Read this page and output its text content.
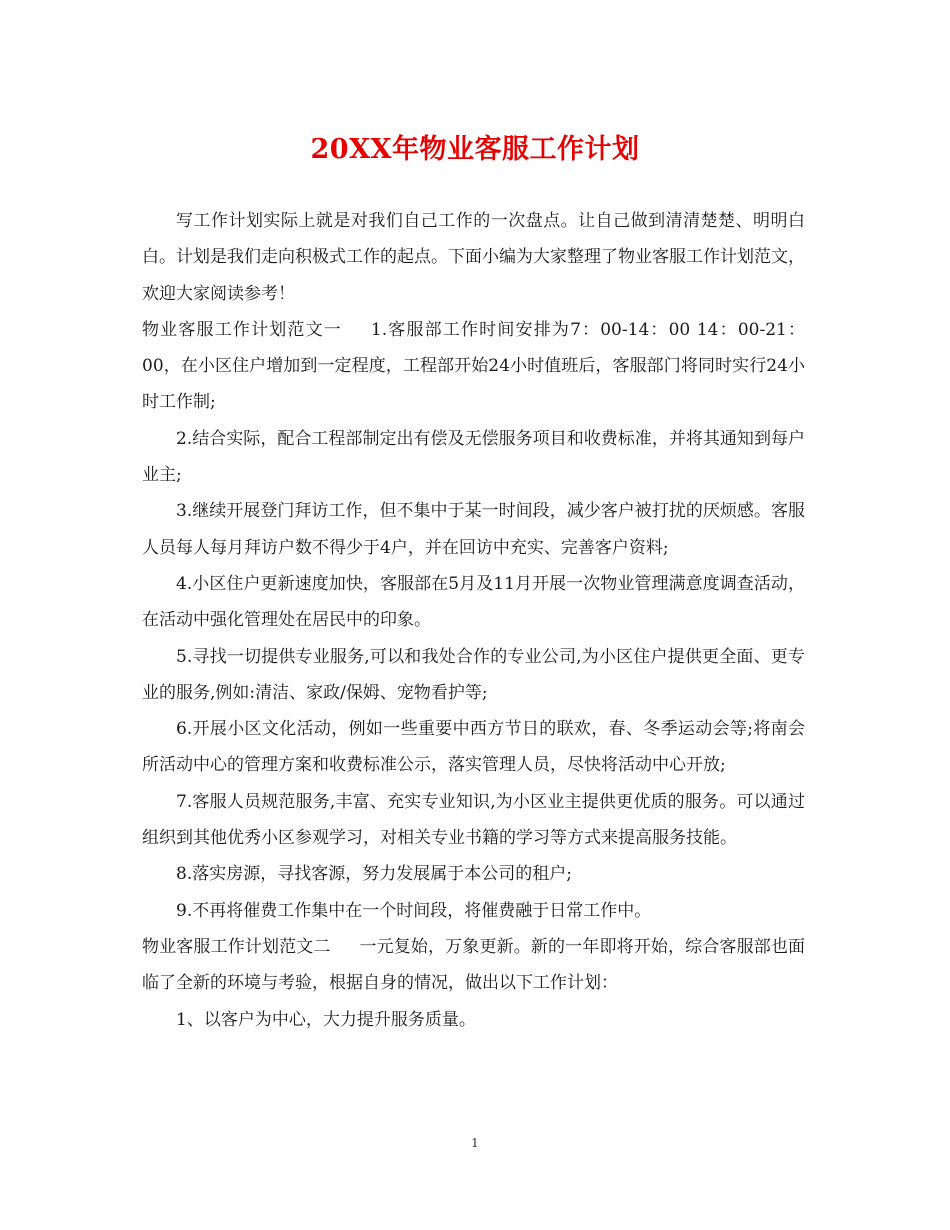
20XX年物业客服工作计划

写工作计划实际上就是对我们自己工作的一次盘点。让自己做到清清楚楚、明明白白。计划是我们走向积极式工作的起点。下面小编为大家整理了物业客服工作计划范文，欢迎大家阅读参考！

物业客服工作计划范文一 1.客服部工作时间安排为7：00-14：00 14：00-21：00，在小区住户增加到一定程度，工程部开始24小时值班后，客服部门将同时实行24小时工作制;

2.结合实际，配合工程部制定出有偿及无偿服务项目和收费标准，并将其通知到每户业主;

3.继续开展登门拜访工作，但不集中于某一时间段，减少客户被打扰的厌烦感。客服人员每人每月拜访户数不得少于4户，并在回访中充实、完善客户资料;

4.小区住户更新速度加快，客服部在5月及11月开展一次物业管理满意度调查活动，在活动中强化管理处在居民中的印象。

5.寻找一切提供专业服务,可以和我处合作的专业公司,为小区住户提供更全面、更专业的服务,例如:清洁、家政/保姆、宠物看护等;

6.开展小区文化活动，例如一些重要中西方节日的联欢，春、冬季运动会等;将南会所活动中心的管理方案和收费标准公示，落实管理人员，尽快将活动中心开放;

7.客服人员规范服务,丰富、充实专业知识,为小区业主提供更优质的服务。可以通过组织到其他优秀小区参观学习，对相关专业书籍的学习等方式来提高服务技能。

8.落实房源，寻找客源，努力发展属于本公司的租户;

9.不再将催费工作集中在一个时间段，将催费融于日常工作中。

物业客服工作计划范文二 一元复始，万象更新。新的一年即将开始，综合客服部也面临了全新的环境与考验，根据自身的情况，做出以下工作计划：

1、以客户为中心，大力提升服务质量。

1
